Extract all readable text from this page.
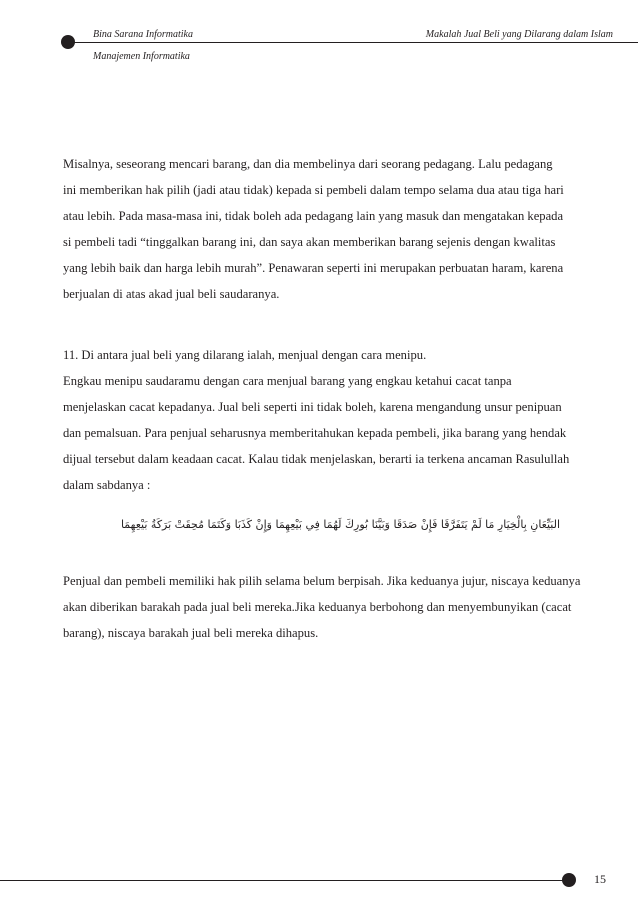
Bina Sarana Informatika
Manajemen Informatika
Makalah Jual Beli yang Dilarang dalam Islam
Misalnya, seseorang mencari barang, dan dia membelinya dari seorang pedagang. Lalu pedagang
ini memberikan hak pilih (jadi atau tidak) kepada si pembeli dalam tempo selama dua atau tiga hari
atau lebih. Pada masa-masa ini, tidak boleh ada pedagang lain yang masuk dan mengatakan kepada
si pembeli tadi “tinggalkan barang ini, dan saya akan memberikan barang sejenis dengan kwalitas
yang lebih baik dan harga lebih murah”. Penawaran seperti ini merupakan perbuatan haram, karena
berjualan di atas akad jual beli saudaranya.
11. Di antara jual beli yang dilarang ialah, menjual dengan cara menipu.
Engkau menipu saudaramu dengan cara menjual barang yang engkau ketahui cacat tanpa
menjelaskan cacat kepadanya. Jual beli seperti ini tidak boleh, karena mengandung unsur penipuan
dan pemalsuan. Para penjual seharusnya memberitahukan kepada pembeli, jika barang yang hendak
dijual tersebut dalam keadaan cacat. Kalau tidak menjelaskan, berarti ia terkena ancaman Rasulullah
dalam sabdanya :
البَيِّعَانِ بِالْخِيَارِ مَا لَمْ يَتَفَرَّقَا فَإِنْ صَدَقَا وَبَيَّنَا بُورِكَ لَهُمَا فِي بَيْعِهِمَا وَإِنْ كَذَبَا وَكَتَمَا مُحِقَتْ بَرَكَةُ بَيْعِهِمَا
Penjual dan pembeli memiliki hak pilih selama belum berpisah. Jika keduanya jujur, niscaya keduanya
akan diberikan barakah pada jual beli mereka.Jika keduanya berbohong dan menyembunyikan (cacat
barang), niscaya barakah jual beli mereka dihapus.
15
